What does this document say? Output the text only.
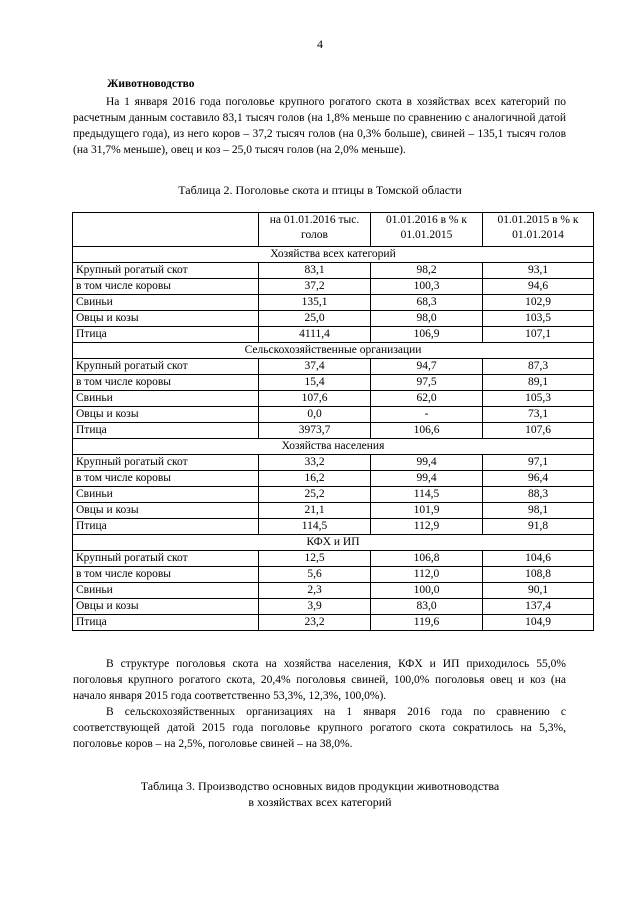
4
Животноводство
На 1 января 2016 года поголовье крупного рогатого скота в хозяйствах всех категорий по расчетным данным составило 83,1 тысяч голов (на 1,8% меньше по сравнению с аналогичной датой предыдущего года), из него коров – 37,2 тысяч голов (на 0,3% больше), свиней – 135,1 тысяч голов (на 31,7% меньше), овец и коз – 25,0 тысяч голов (на 2,0% меньше).
Таблица 2. Поголовье скота и птицы в Томской области
	на 01.01.2016 тыс. голов	01.01.2016 в % к 01.01.2015	01.01.2015 в % к 01.01.2014
Хозяйства всех категорий			
Крупный рогатый скот	83,1	98,2	93,1
в том числе коровы	37,2	100,3	94,6
Свиньи	135,1	68,3	102,9
Овцы и козы	25,0	98,0	103,5
Птица	4111,4	106,9	107,1
Сельскохозяйственные организации			
Крупный рогатый скот	37,4	94,7	87,3
в том числе коровы	15,4	97,5	89,1
Свиньи	107,6	62,0	105,3
Овцы и козы	0,0	-	73,1
Птица	3973,7	106,6	107,6
Хозяйства населения			
Крупный рогатый скот	33,2	99,4	97,1
в том числе коровы	16,2	99,4	96,4
Свиньи	25,2	114,5	88,3
Овцы и козы	21,1	101,9	98,1
Птица	114,5	112,9	91,8
КФХ и ИП			
Крупный рогатый скот	12,5	106,8	104,6
в том числе коровы	5,6	112,0	108,8
Свиньи	2,3	100,0	90,1
Овцы и козы	3,9	83,0	137,4
Птица	23,2	119,6	104,9
В структуре поголовья скота на хозяйства населения, КФХ и ИП приходилось 55,0% поголовья крупного рогатого скота, 20,4% поголовья свиней, 100,0% поголовья овец и коз (на начало января 2015 года соответственно 53,3%, 12,3%, 100,0%).
В сельскохозяйственных организациях на 1 января 2016 года по сравнению с соответствующей датой 2015 года поголовье крупного рогатого скота сократилось на 5,3%, поголовье коров – на 2,5%, поголовье свиней – на 38,0%.
Таблица 3. Производство основных видов продукции животноводства
в хозяйствах всех категорий
